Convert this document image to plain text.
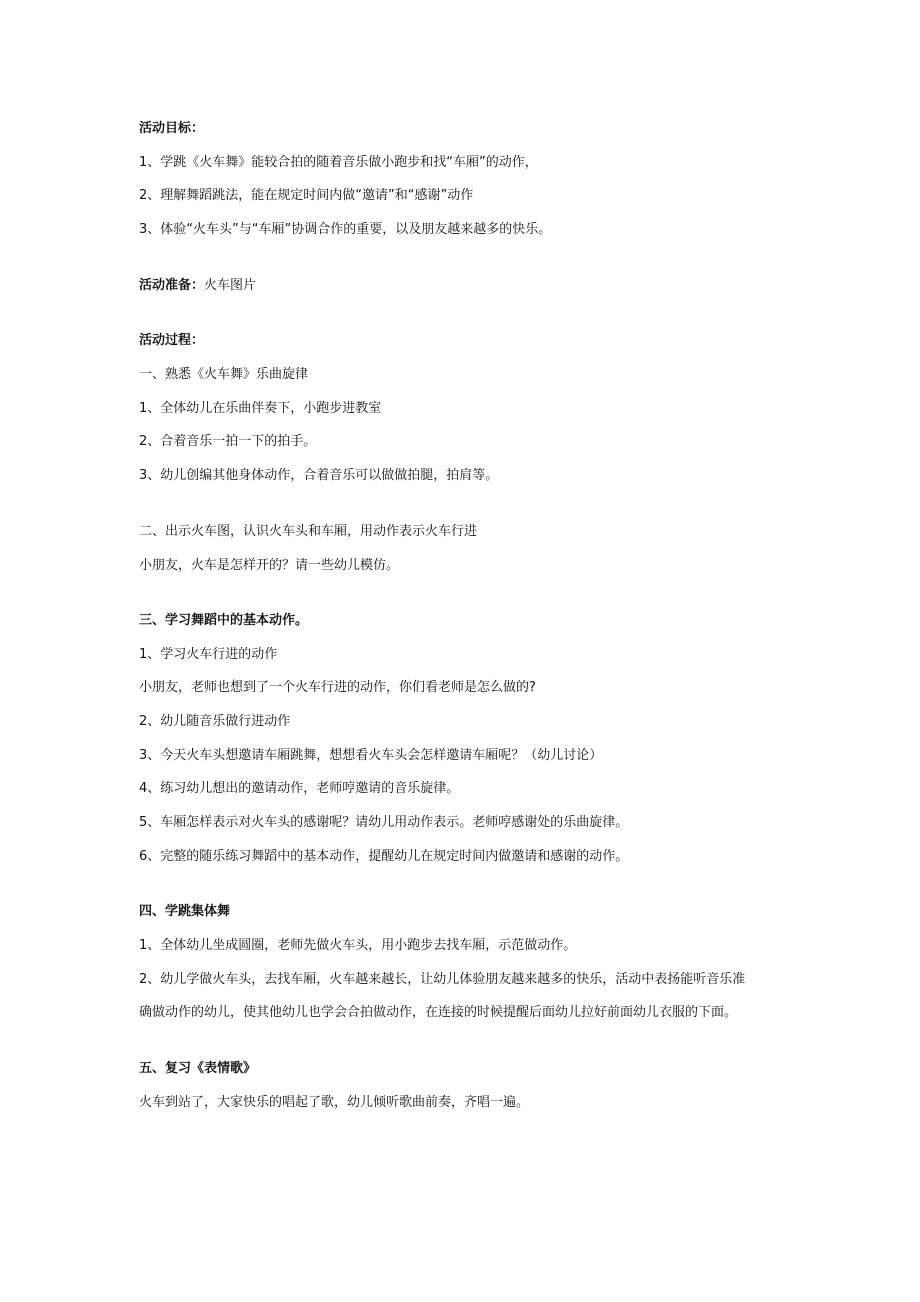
活动目标：
1、学跳《火车舞》能较合拍的随着音乐做小跑步和找“车厢”的动作，
2、理解舞蹈跳法，能在规定时间内做“邀请”和“感谢”动作
3、体验“火车头”与“车厢”协调合作的重要，以及朋友越来越多的快乐。
活动准备：火车图片
活动过程：
一、熟悉《火车舞》乐曲旋律
1、全体幼儿在乐曲伴奏下，小跑步进教室
2、合着音乐一拍一下的拍手。
3、幼儿创编其他身体动作，合着音乐可以做做拍腿，拍肩等。
二、出示火车图，认识火车头和车厢，用动作表示火车行进
小朋友，火车是怎样开的？请一些幼儿模仿。
三、学习舞蹈中的基本动作。
1、学习火车行进的动作
小朋友，老师也想到了一个火车行进的动作，你们看老师是怎么做的?
2、幼儿随音乐做行进动作
3、今天火车头想邀请车厢跳舞，想想看火车头会怎样邀请车厢呢？（幼儿讨论）
4、练习幼儿想出的邀请动作，老师哼邀请的音乐旋律。
5、车厢怎样表示对火车头的感谢呢？请幼儿用动作表示。老师哼感谢处的乐曲旋律。
6、完整的随乐练习舞蹈中的基本动作，提醒幼儿在规定时间内做邀请和感谢的动作。
四、学跳集体舞
1、全体幼儿坐成圆圈，老师先做火车头，用小跑步去找车厢，示范做动作。
2、幼儿学做火车头，去找车厢，火车越来越长，让幼儿体验朋友越来越多的快乐，活动中表扬能听音乐准
确做动作的幼儿，使其他幼儿也学会合拍做动作，在连接的时候提醒后面幼儿拉好前面幼儿衣服的下面。
五、复习《表情歌》
火车到站了，大家快乐的唱起了歌，幼儿倾听歌曲前奏，齐唱一遍。
